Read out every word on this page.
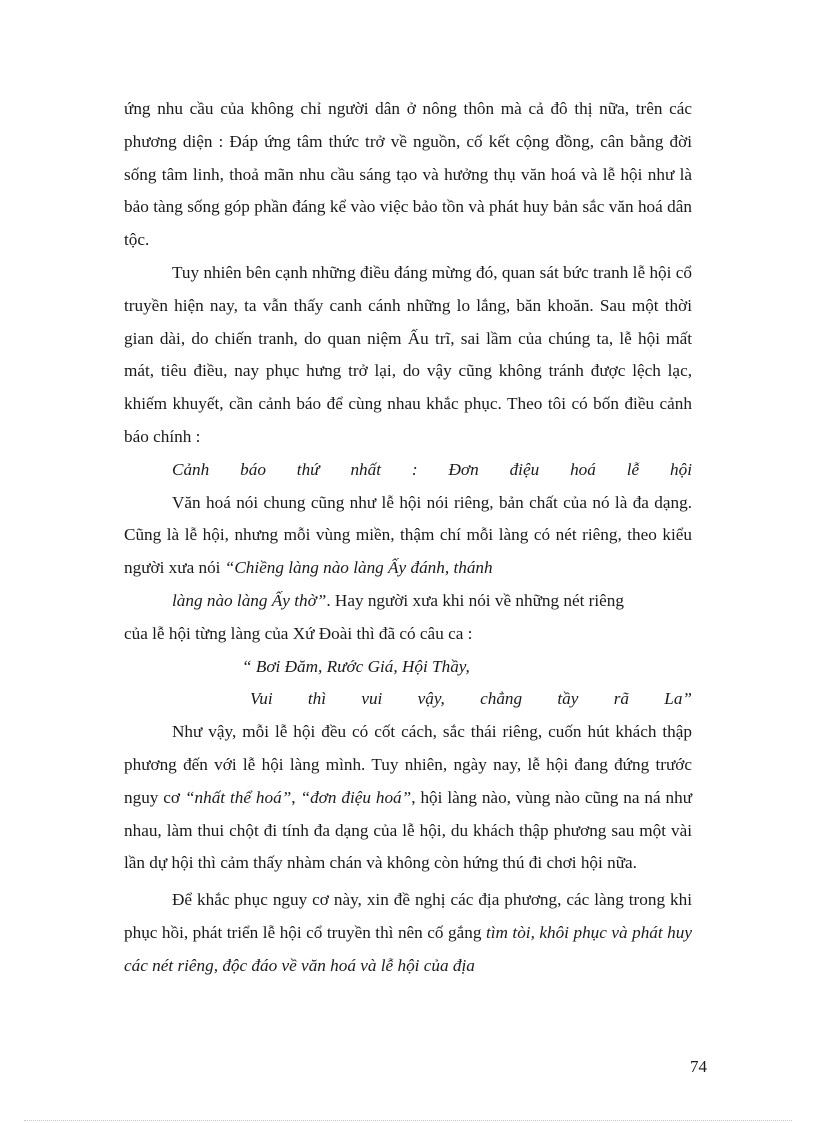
ứng nhu cầu của không chỉ người dân ở nông thôn mà cả đô thị nữa, trên các phương diện : Đáp ứng tâm thức trở về nguồn, cố kết cộng đồng, cân bằng đời sống tâm linh, thoả mãn nhu cầu sáng tạo và hưởng thụ văn hoá và lễ hội như là bảo tàng sống góp phần đáng kể vào việc bảo tồn và phát huy bản sắc văn hoá dân tộc.

Tuy nhiên bên cạnh những điều đáng mừng đó, quan sát bức tranh lễ hội cổ truyền hiện nay, ta vẫn thấy canh cánh những lo lắng, băn khoăn. Sau một thời gian dài, do chiến tranh, do quan niệm Ấu trĩ, sai lầm của chúng ta, lễ hội mất mát, tiêu điều, nay phục hưng trở lại, do vậy cũng không tránh được lệch lạc, khiếm khuyết, cần cảnh báo để cùng nhau khắc phục. Theo tôi có bốn điều cảnh báo chính :

Cảnh báo thứ nhất : Đơn điệu hoá lễ hội

Văn hoá nói chung cũng như lễ hội nói riêng, bản chất của nó là đa dạng. Cũng là lễ hội, nhưng mỗi vùng miền, thậm chí mỗi làng có nét riêng, theo kiểu người xưa nói “Chiềng làng nào làng Ấy đánh, thánh

làng nào làng Ấy thờ”. Hay người xưa khi nói về những nét riêng

của lễ hội từng làng của Xứ Đoài thì đã có câu ca :

“ Bơi Đăm, Rước Giá, Hội Thầy,

Vui thì vui vậy, chẳng tầy rã La”

Như vậy, mỗi lễ hội đều có cốt cách, sắc thái riêng, cuốn hút khách thập phương đến với lễ hội làng mình. Tuy nhiên, ngày nay, lễ hội đang đứng trước nguy cơ “nhất thể hoá”, “đơn điệu hoá”, hội làng nào, vùng nào cũng na ná như nhau, làm thui chột đi tính đa dạng của lễ hội, du khách thập phương sau một vài lần dự hội thì cảm thấy nhàm chán và không còn hứng thú đi chơi hội nữa.

Để khắc phục nguy cơ này, xin đề nghị các địa phương, các làng trong khi phục hồi, phát triển lễ hội cổ truyền thì nên cố gắng tìm tòi, khôi phục và phát huy các nét riêng, độc đáo về văn hoá và lễ hội của địa

74
